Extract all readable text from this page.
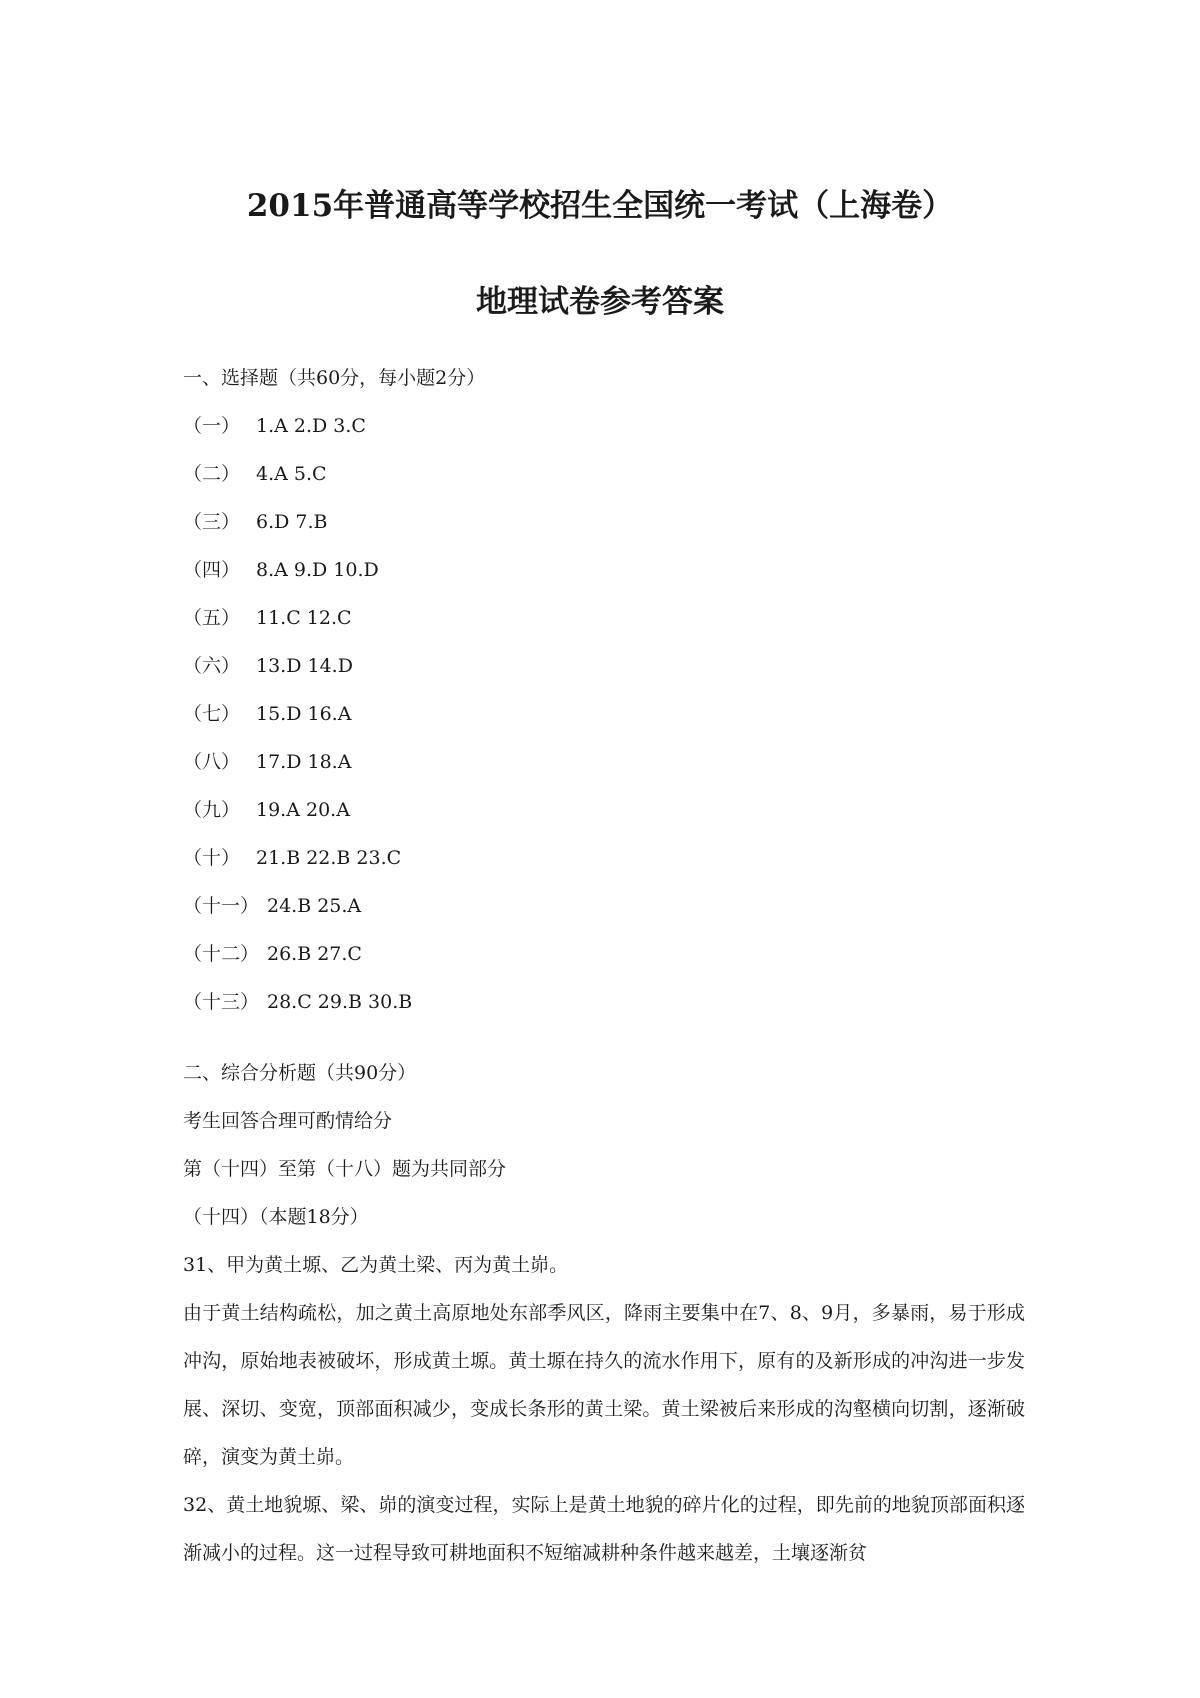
2015年普通高等学校招生全国统一考试（上海卷）
地理试卷参考答案

一、选择题（共60分，每小题2分）

（一） 1.A 2.D 3.C

（二） 4.A 5.C

（三） 6.D 7.B

（四） 8.A 9.D 10.D

（五） 11.C 12.C

（六） 13.D 14.D

（七） 15.D 16.A

（八） 17.D 18.A

（九） 19.A 20.A

（十） 21.B 22.B 23.C

（十一） 24.B 25.A

（十二） 26.B 27.C

（十三） 28.C 29.B 30.B

二、综合分析题（共90分）

考生回答合理可酌情给分

第（十四）至第（十八）题为共同部分

（十四）（本题18分）

31、甲为黄土塬、乙为黄土梁、丙为黄土峁。

由于黄土结构疏松，加之黄土高原地处东部季风区，降雨主要集中在7、8、9月，多暴雨，易于形成冲沟，原始地表被破坏，形成黄土塬。黄土塬在持久的流水作用下，原有的及新形成的冲沟进一步发展、深切、变宽，顶部面积减少，变成长条形的黄土梁。黄土梁被后来形成的沟壑横向切割，逐渐破碎，演变为黄土峁。

32、黄土地貌塬、梁、峁的演变过程，实际上是黄土地貌的碎片化的过程，即先前的地貌顶部面积逐渐减小的过程。这一过程导致可耕地面积不短缩减耕种条件越来越差，土壤逐渐贫
